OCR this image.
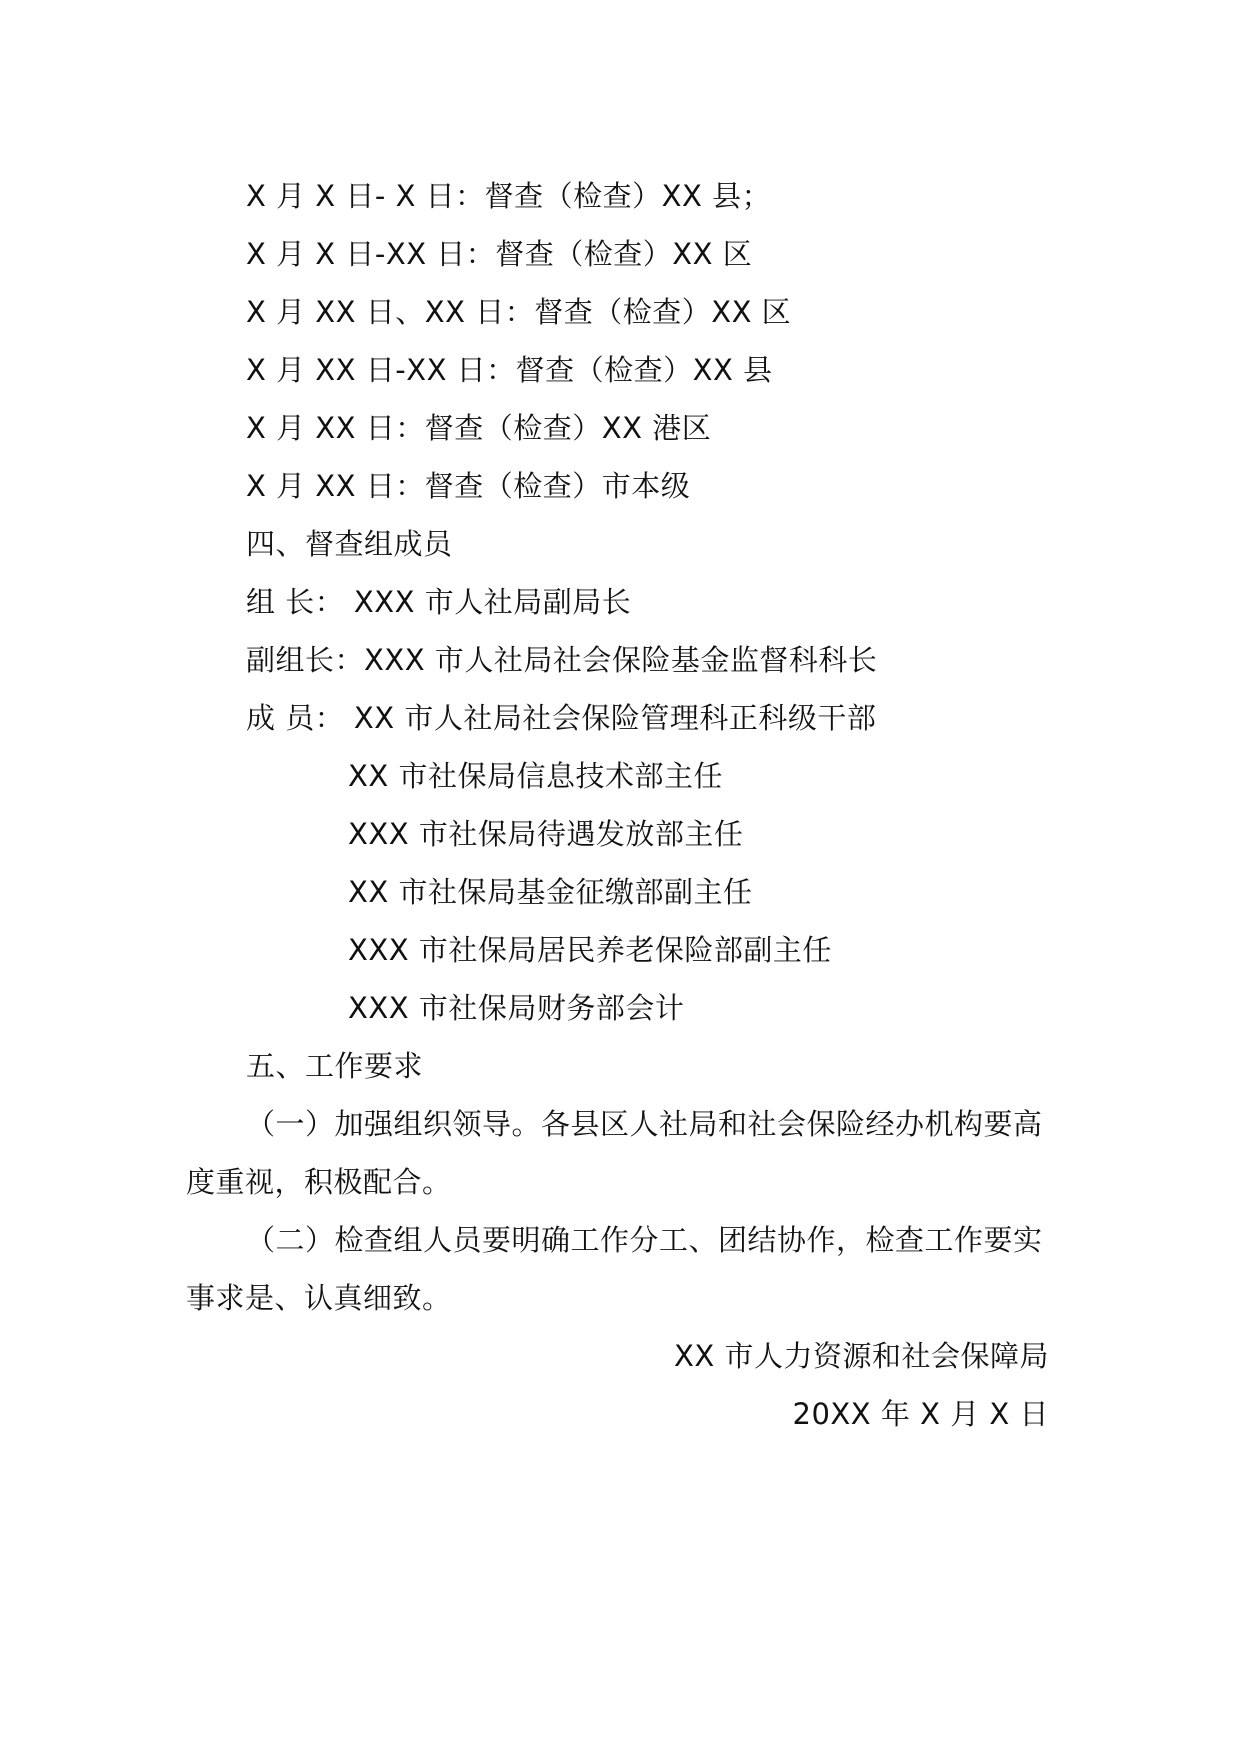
X 月 X 日- X 日：督查（检查）XX 县；
X 月 X 日-XX 日：督查（检查）XX 区
X 月 XX 日、XX 日：督查（检查）XX 区
X 月 XX 日-XX 日：督查（检查）XX 县
X 月 XX 日：督查（检查）XX 港区
X 月 XX 日：督查（检查）市本级
四、督查组成员
组 长： XXX 市人社局副局长
副组长：XXX 市人社局社会保险基金监督科科长
成 员： XX 市人社局社会保险管理科正科级干部
XX 市社保局信息技术部主任
XXX 市社保局待遇发放部主任
XX 市社保局基金征缴部副主任
XXX 市社保局居民养老保险部副主任
XXX 市社保局财务部会计
五、工作要求
（一）加强组织领导。各县区人社局和社会保险经办机构要高
度重视，积极配合。
（二）检查组人员要明确工作分工、团结协作，检查工作要实
事求是、认真细致。
XX 市人力资源和社会保障局
20XX 年 X 月 X 日
